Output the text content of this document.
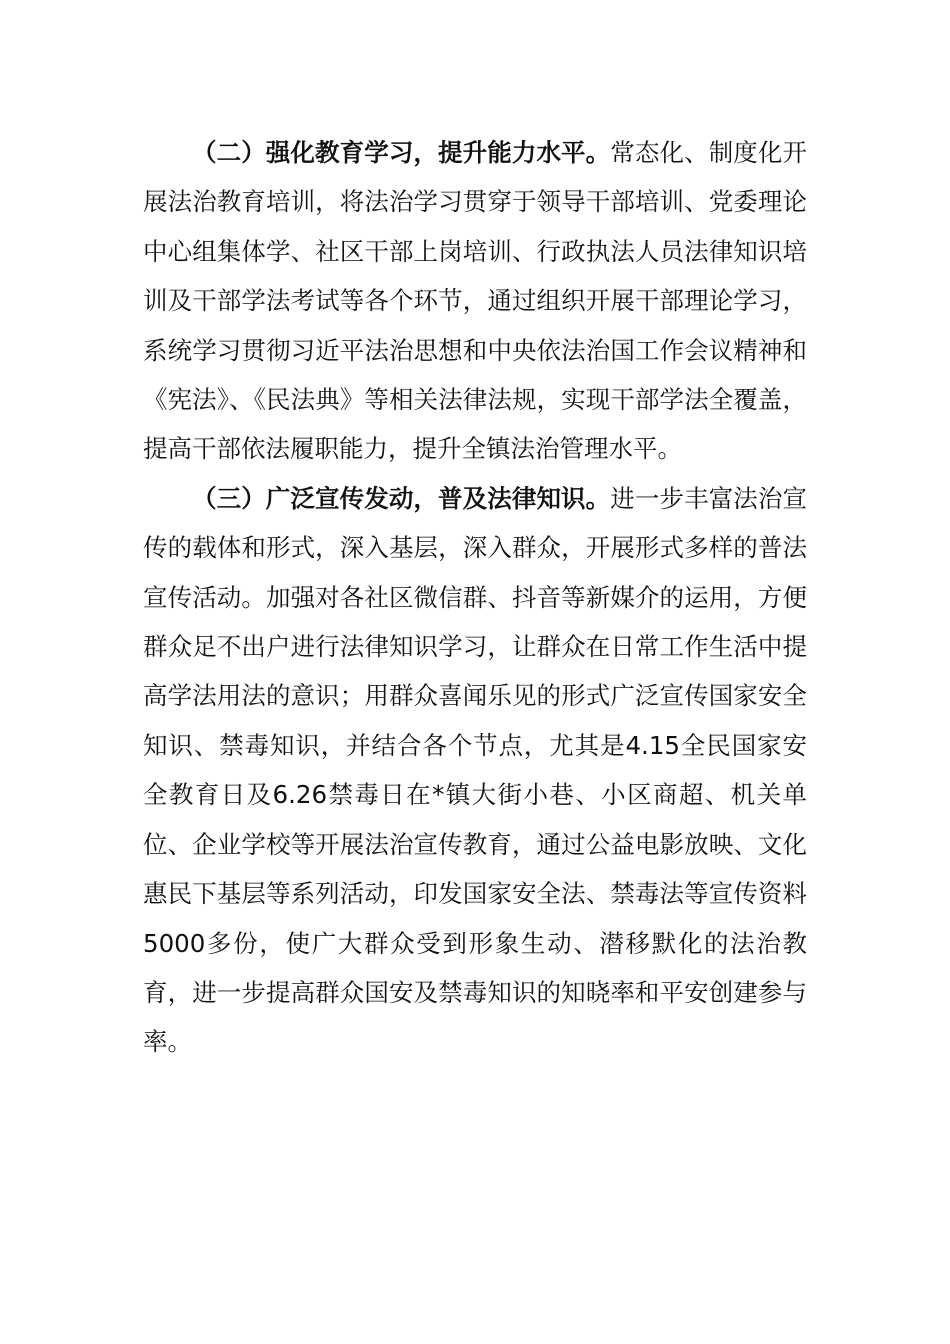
（二）强化教育学习，提升能力水平。常态化、制度化开展法治教育培训，将法治学习贯穿于领导干部培训、党委理论中心组集体学、社区干部上岗培训、行政执法人员法律知识培训及干部学法考试等各个环节，通过组织开展干部理论学习，系统学习贯彻习近平法治思想和中央依法治国工作会议精神和《宪法》、《民法典》等相关法律法规，实现干部学法全覆盖，提高干部依法履职能力，提升全镇法治管理水平。

（三）广泛宣传发动，普及法律知识。进一步丰富法治宣传的载体和形式，深入基层，深入群众，开展形式多样的普法宣传活动。加强对各社区微信群、抖音等新媒介的运用，方便群众足不出户进行法律知识学习，让群众在日常工作生活中提高学法用法的意识；用群众喜闻乐见的形式广泛宣传国家安全知识、禁毒知识，并结合各个节点，尤其是4.15全民国家安全教育日及6.26禁毒日在*镇大街小巷、小区商超、机关单位、企业学校等开展法治宣传教育，通过公益电影放映、文化惠民下基层等系列活动，印发国家安全法、禁毒法等宣传资料5000多份，使广大群众受到形象生动、潜移默化的法治教育，进一步提高群众国安及禁毒知识的知晓率和平安创建参与率。
